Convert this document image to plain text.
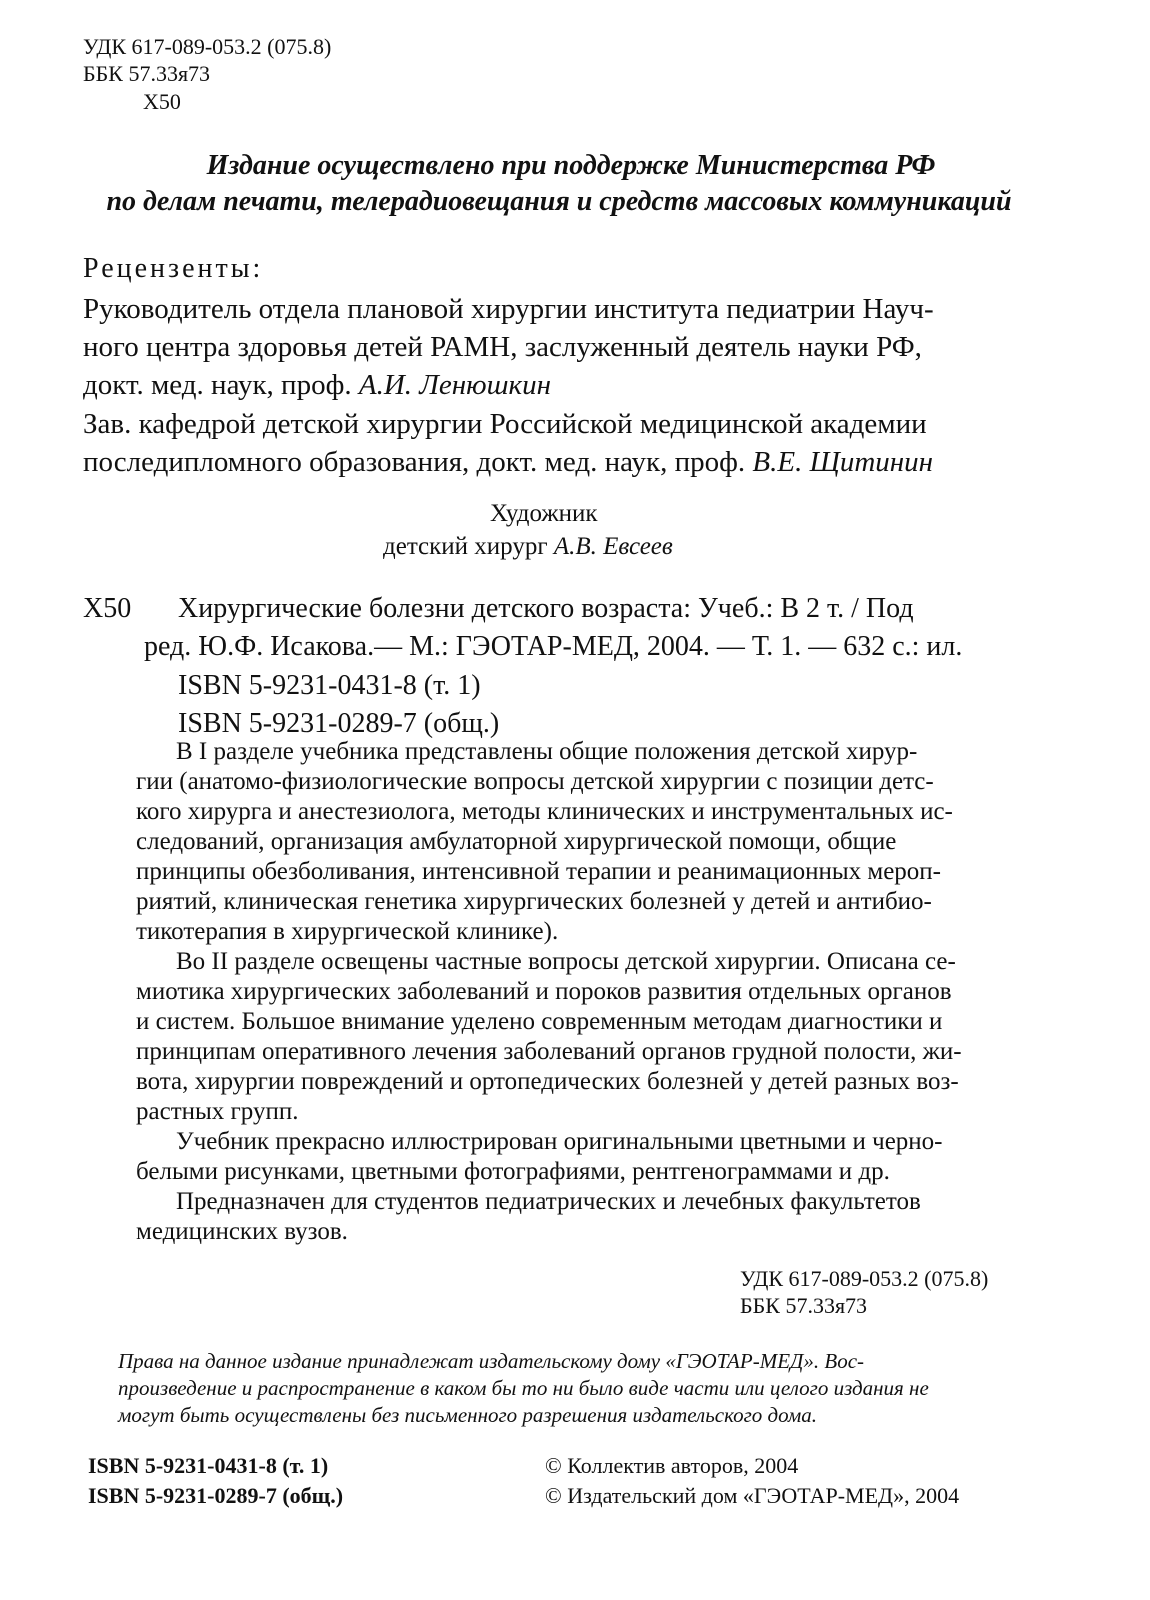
УДК 617-089-053.2 (075.8)
ББК 57.33я73
Х50
Издание осуществлено при поддержке Министерства РФ
по делам печати, телерадиовещания и средств массовых коммуникаций
Рецензенты:
Руководитель отдела плановой хирургии института педиатрии Науч-
ного центра здоровья детей РАМН, заслуженный деятель науки РФ,
докт. мед. наук, проф. А.И. Ленюшкин
Зав. кафедрой детской хирургии Российской медицинской академии
последипломного образования, докт. мед. наук, проф. В.Е. Щитинин
Художник
детский хирург А.В. Евсеев
Х50 Хирургические болезни детского возраста: Учеб.: В 2 т. / Под
ред. Ю.Ф. Исакова.— М.: ГЭОТАР-МЕД, 2004. — Т. 1. — 632 с.: ил.
ISBN 5-9231-0431-8 (т. 1)
ISBN 5-9231-0289-7 (общ.)
В I разделе учебника представлены общие положения детской хирур-
гии (анатомо-физиологические вопросы детской хирургии с позиции детс-
кого хирурга и анестезиолога, методы клинических и инструментальных ис-
следований, организация амбулаторной хирургической помощи, общие
принципы обезболивания, интенсивной терапии и реанимационных мероп-
риятий, клиническая генетика хирургических болезней у детей и антибио-
тикотерапия в хирургической клинике).
Во II разделе освещены частные вопросы детской хирургии. Описана се-
миотика хирургических заболеваний и пороков развития отдельных органов
и систем. Большое внимание уделено современным методам диагностики и
принципам оперативного лечения заболеваний органов грудной полости, жи-
вота, хирургии повреждений и ортопедических болезней у детей разных воз-
растных групп.
Учебник прекрасно иллюстрирован оригинальными цветными и черно-
белыми рисунками, цветными фотографиями, рентгенограммами и др.
Предназначен для студентов педиатрических и лечебных факультетов
медицинских вузов.
УДК 617-089-053.2 (075.8)
ББК 57.33я73
Права на данное издание принадлежат издательскому дому «ГЭОТАР-МЕД». Вос-
произведение и распространение в каком бы то ни было виде части или целого издания не
могут быть осуществлены без письменного разрешения издательского дома.
ISBN 5-9231-0431-8 (т. 1)
ISBN 5-9231-0289-7 (общ.)
© Коллектив авторов, 2004
© Издательский дом «ГЭОТАР-МЕД», 2004
